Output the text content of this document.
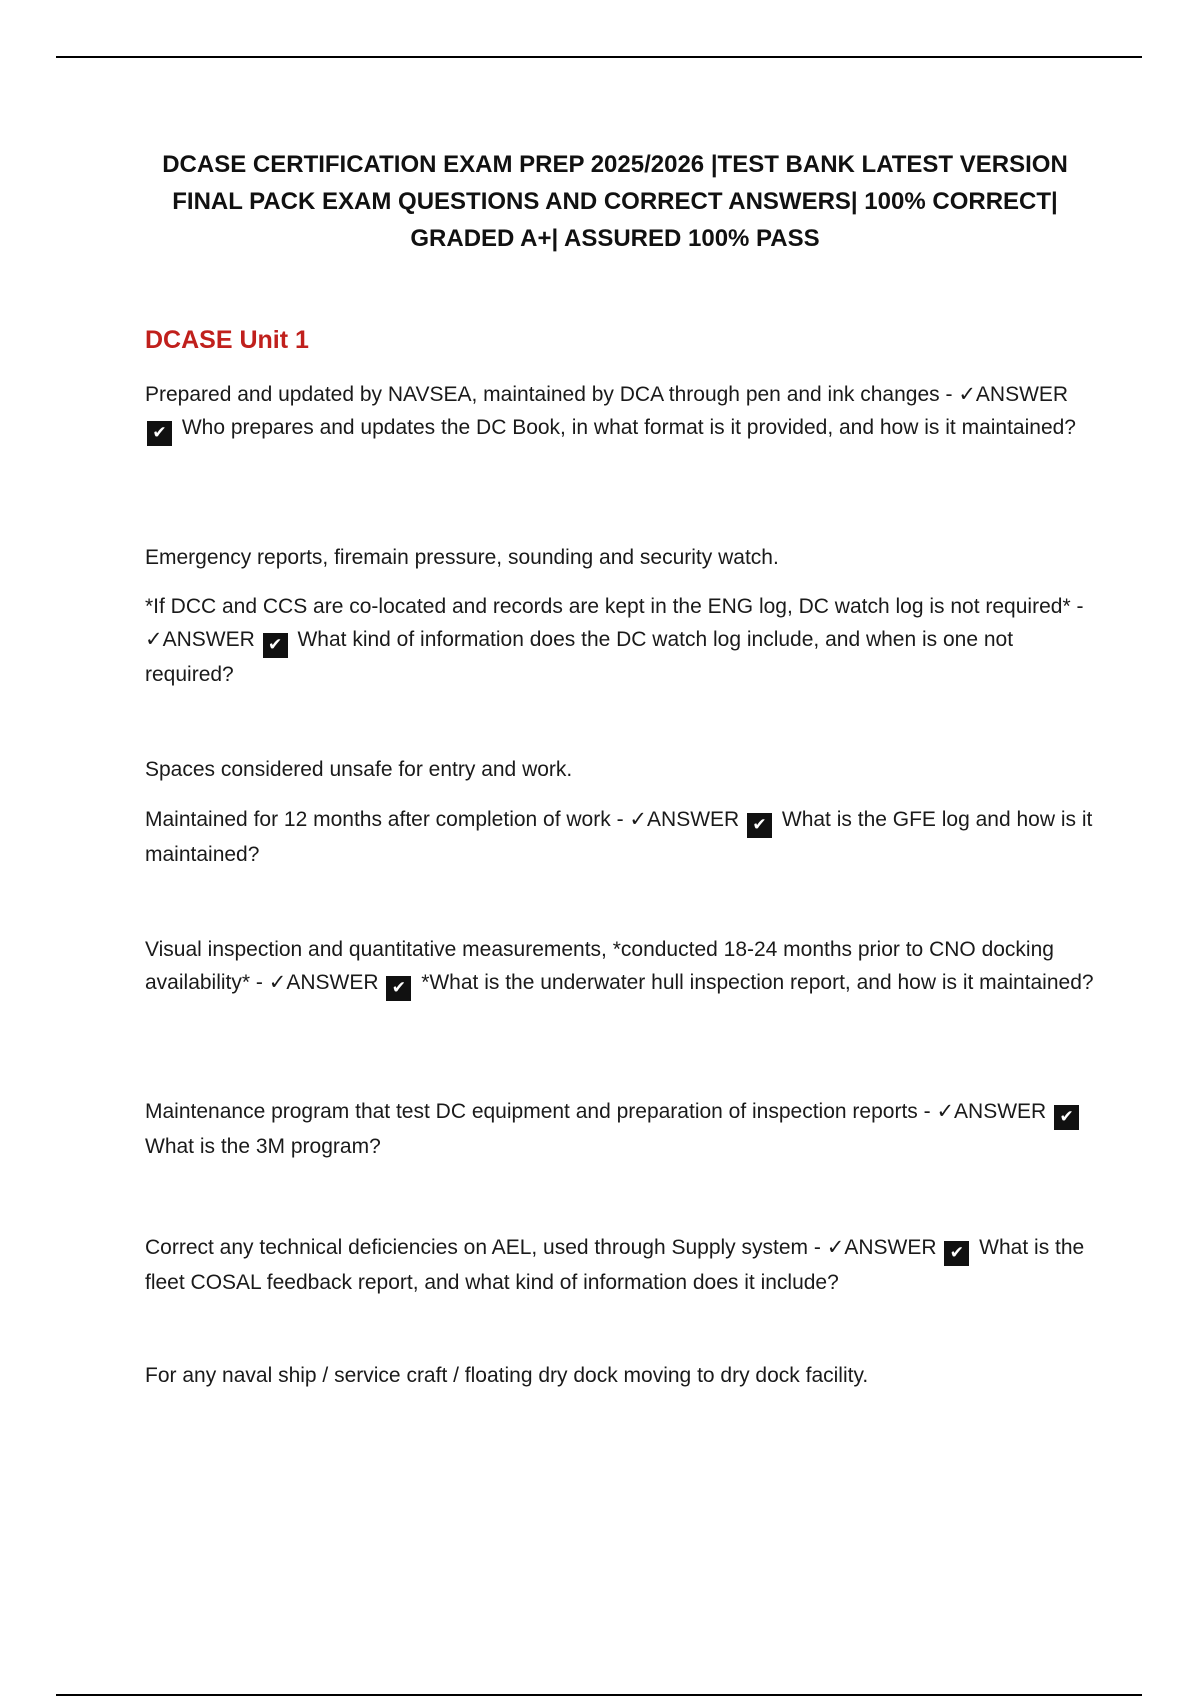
DCASE CERTIFICATION EXAM PREP 2025/2026 |TEST BANK LATEST VERSION FINAL PACK EXAM QUESTIONS AND CORRECT ANSWERS| 100% CORRECT| GRADED A+| ASSURED 100% PASS
DCASE Unit 1

Prepared and updated by NAVSEA, maintained by DCA through pen and ink changes - ✓ANSWER ✔ Who prepares and updates the DC Book, in what format is it provided, and how is it maintained?

Emergency reports, firemain pressure, sounding and security watch.

*If DCC and CCS are co-located and records are kept in the ENG log, DC watch log is not required* - ✓ANSWER ✔ What kind of information does the DC watch log include, and when is one not required?

Spaces considered unsafe for entry and work.

Maintained for 12 months after completion of work - ✓ANSWER ✔ What is the GFE log and how is it maintained?

Visual inspection and quantitative measurements, *conducted 18-24 months prior to CNO docking availability* - ✓ANSWER ✔ *What is the underwater hull inspection report, and how is it maintained?

Maintenance program that test DC equipment and preparation of inspection reports - ✓ANSWER ✔ What is the 3M program?

Correct any technical deficiencies on AEL, used through Supply system - ✓ANSWER ✔ What is the fleet COSAL feedback report, and what kind of information does it include?

For any naval ship / service craft / floating dry dock moving to dry dock facility.
